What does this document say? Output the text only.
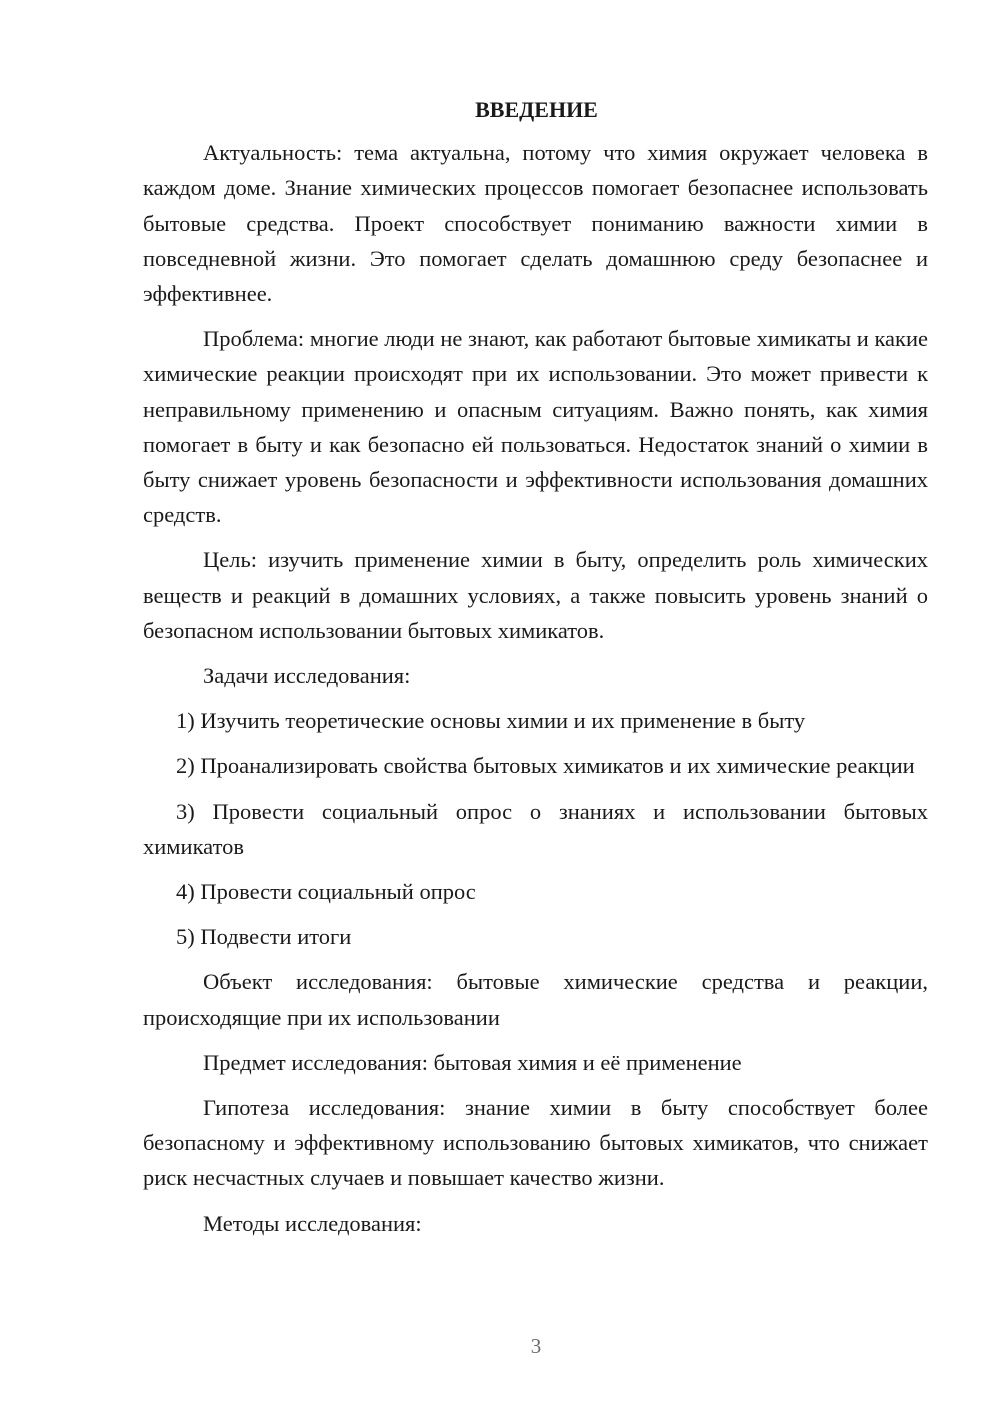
ВВЕДЕНИЕ

Актуальность: тема актуальна, потому что химия окружает человека в каждом доме. Знание химических процессов помогает безопаснее использовать бытовые средства. Проект способствует пониманию важности химии в повседневной жизни. Это помогает сделать домашнюю среду безопаснее и эффективнее.

Проблема: многие люди не знают, как работают бытовые химикаты и какие химические реакции происходят при их использовании. Это может привести к неправильному применению и опасным ситуациям. Важно понять, как химия помогает в быту и как безопасно ей пользоваться. Недостаток знаний о химии в быту снижает уровень безопасности и эффективности использования домашних средств.

Цель: изучить применение химии в быту, определить роль химических веществ и реакций в домашних условиях, а также повысить уровень знаний о безопасном использовании бытовых химикатов.

Задачи исследования:

1) Изучить теоретические основы химии и их применение в быту

2) Проанализировать свойства бытовых химикатов и их химические реакции

3) Провести социальный опрос о знаниях и использовании бытовых химикатов

4) Провести социальный опрос

5) Подвести итоги

Объект исследования: бытовые химические средства и реакции, происходящие при их использовании

Предмет исследования: бытовая химия и её применение

Гипотеза исследования: знание химии в быту способствует более безопасному и эффективному использованию бытовых химикатов, что снижает риск несчастных случаев и повышает качество жизни.

Методы исследования:

3
